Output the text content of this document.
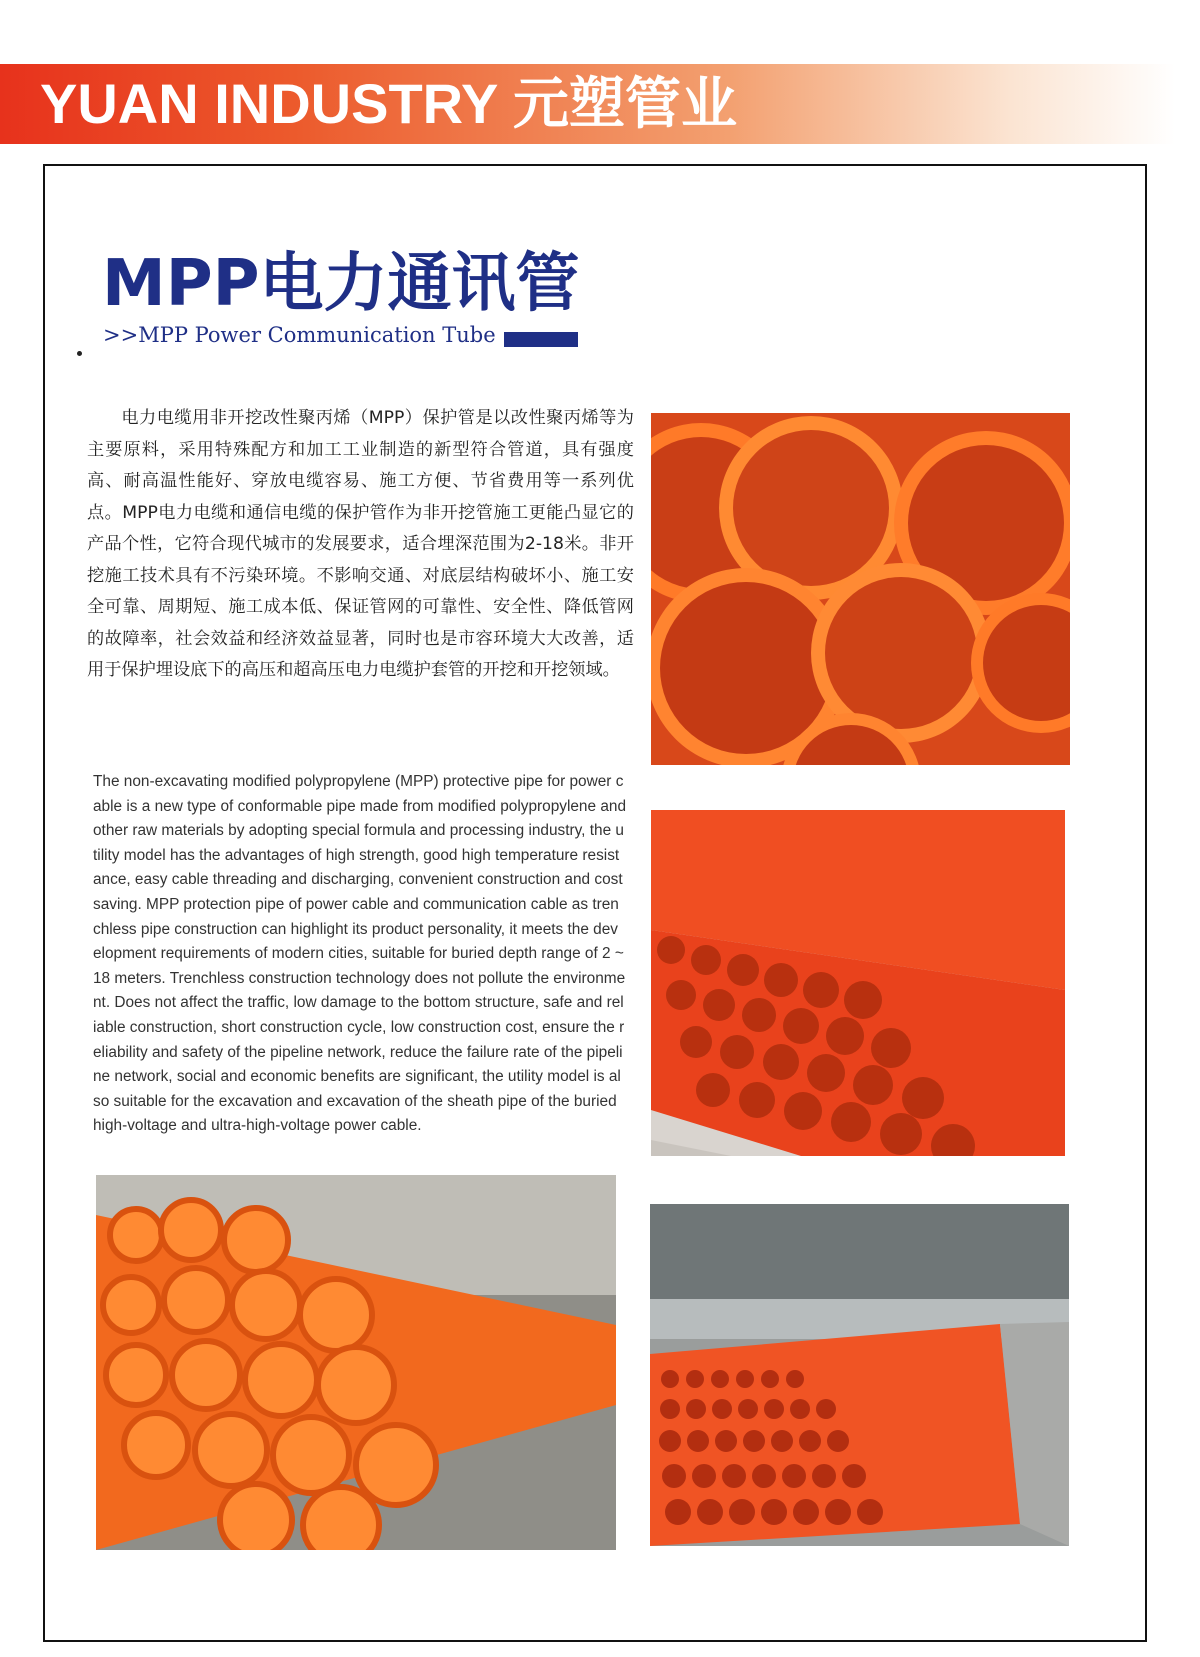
YUAN INDUSTRY 元塑管业
MPP电力通讯管
>>MPP Power Communication Tube

电力电缆用非开挖改性聚丙烯（MPP）保护管是以改性聚丙烯等为主要原料，采用特殊配方和加工工业制造的新型符合管道，具有强度高、耐高温性能好、穿放电缆容易、施工方便、节省费用等一系列优点。MPP电力电缆和通信电缆的保护管作为非开挖管施工更能凸显它的产品个性，它符合现代城市的发展要求，适合埋深范围为2-18米。非开挖施工技术具有不污染环境。不影响交通、对底层结构破坏小、施工安全可靠、周期短、施工成本低、保证管网的可靠性、安全性、降低管网的故障率，社会效益和经济效益显著，同时也是市容环境大大改善，适用于保护埋设底下的高压和超高压电力电缆护套管的开挖和开挖领域。

The non-excavating modified polypropylene (MPP) protective pipe for power cable is a new type of conformable pipe made from modified polypropylene and other raw materials by adopting special formula and processing industry, the utility model has the advantages of high strength, good high temperature resistance, easy cable threading and discharging, convenient construction and cost saving. MPP protection pipe of power cable and communication cable as trenchless pipe construction can highlight its product personality, it meets the development requirements of modern cities, suitable for buried depth range of 2 ~ 18 meters. Trenchless construction technology does not pollute the environment. Does not affect the traffic, low damage to the bottom structure, safe and reliable construction, short construction cycle, low construction cost, ensure the reliability and safety of the pipeline network, reduce the failure rate of the pipeline network, social and economic benefits are significant, the utility model is also suitable for the excavation and excavation of the sheath pipe of the buried high-voltage and ultra-high-voltage power cable.
